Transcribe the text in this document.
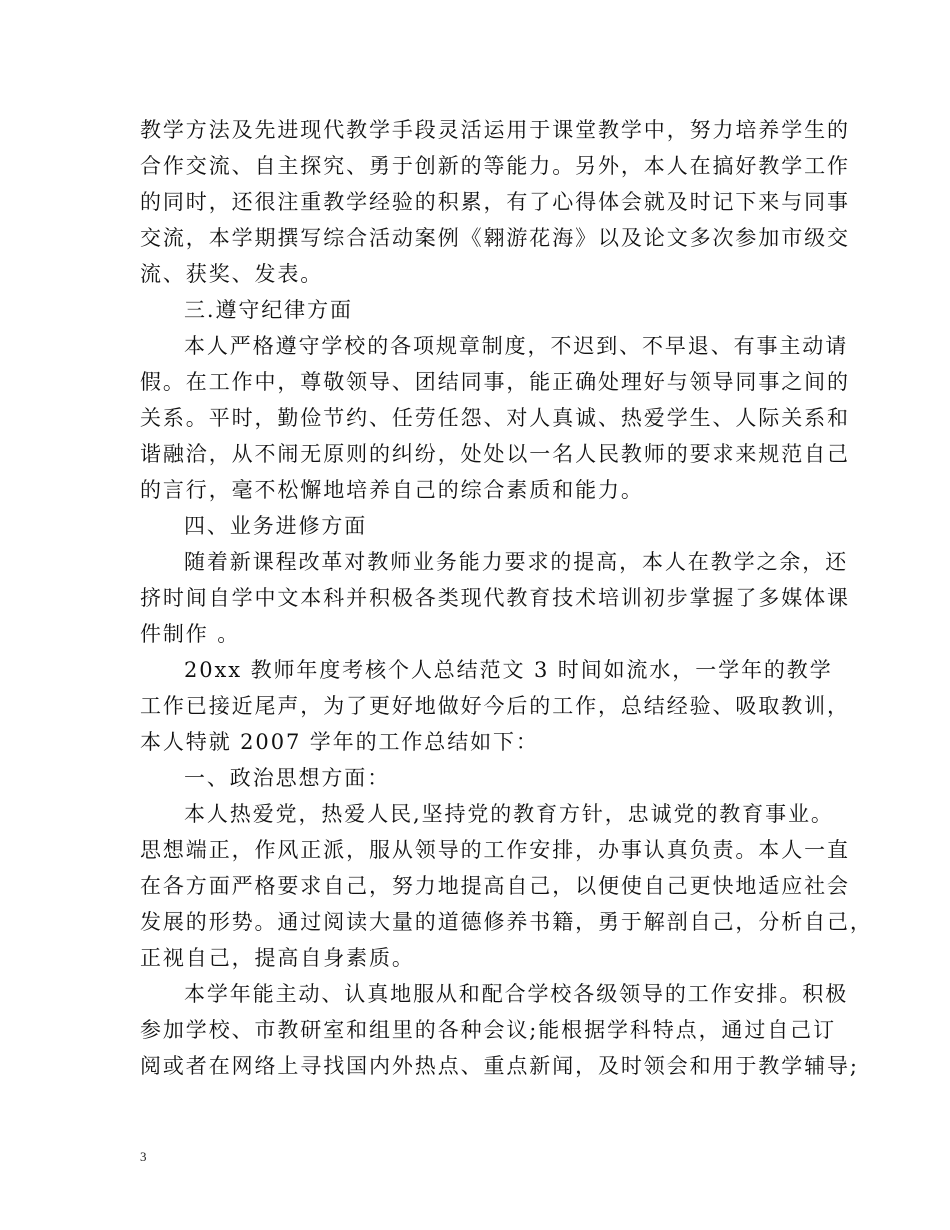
教学方法及先进现代教学手段灵活运用于课堂教学中，努力培养学生的
合作交流、自主探究、勇于创新的等能力。另外，本人在搞好教学工作
的同时，还很注重教学经验的积累，有了心得体会就及时记下来与同事
交流，本学期撰写综合活动案例《翱游花海》以及论文多次参加市级交
流、获奖、发表。
三.遵守纪律方面
本人严格遵守学校的各项规章制度，不迟到、不早退、有事主动请
假。在工作中，尊敬领导、团结同事，能正确处理好与领导同事之间的
关系。平时，勤俭节约、任劳任怨、对人真诚、热爱学生、人际关系和
谐融洽，从不闹无原则的纠纷，处处以一名人民教师的要求来规范自己
的言行，毫不松懈地培养自己的综合素质和能力。
四、业务进修方面
随着新课程改革对教师业务能力要求的提高，本人在教学之余，还
挤时间自学中文本科并积极各类现代教育技术培训初步掌握了多媒体课
件制作 。
20xx 教师年度考核个人总结范文 3 时间如流水，一学年的教学
工作已接近尾声，为了更好地做好今后的工作，总结经验、吸取教训，
本人特就 2007 学年的工作总结如下：
一、政治思想方面：
本人热爱党，热爱人民,坚持党的教育方针，忠诚党的教育事业。
思想端正，作风正派，服从领导的工作安排，办事认真负责。本人一直
在各方面严格要求自己，努力地提高自己，以便使自己更快地适应社会
发展的形势。通过阅读大量的道德修养书籍，勇于解剖自己，分析自己，
正视自己，提高自身素质。
本学年能主动、认真地服从和配合学校各级领导的工作安排。积极
参加学校、市教研室和组里的各种会议;能根据学科特点，通过自己订
阅或者在网络上寻找国内外热点、重点新闻，及时领会和用于教学辅导;
3
